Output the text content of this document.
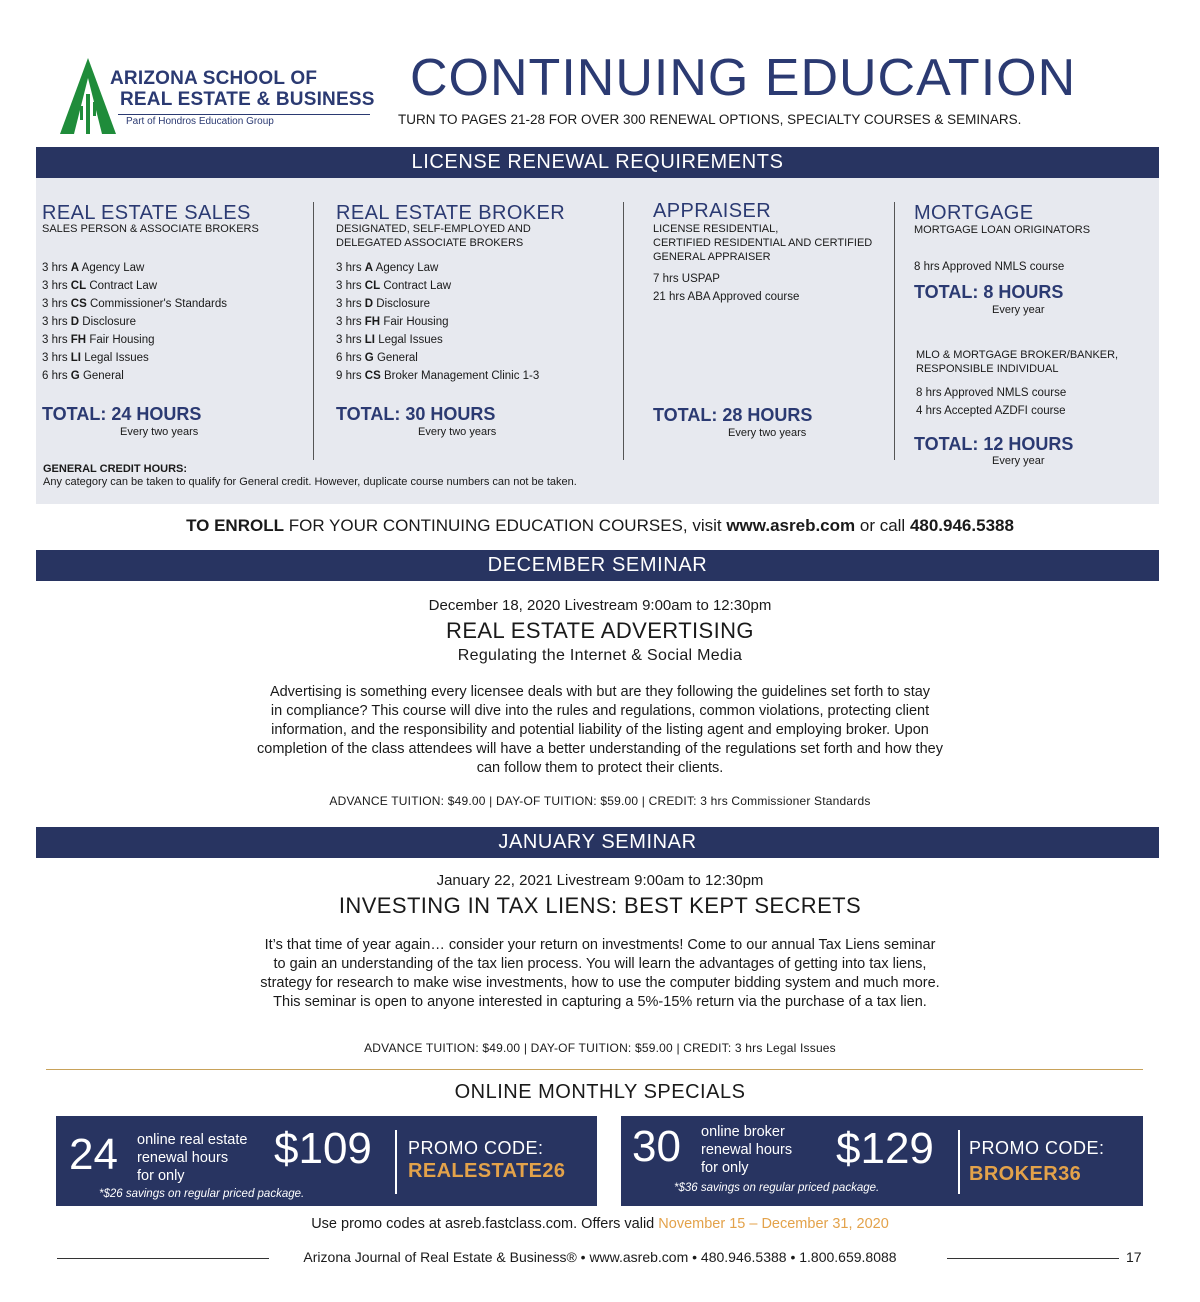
ARIZONA SCHOOL OF
REAL ESTATE & BUSINESS
Part of Hondros Education Group
CONTINUING EDUCATION
TURN TO PAGES 21-28 FOR OVER 300 RENEWAL OPTIONS, SPECIALTY COURSES & SEMINARS.
LICENSE RENEWAL REQUIREMENTS
REAL ESTATE SALES
SALES PERSON & ASSOCIATE BROKERS
3 hrs A Agency Law
3 hrs CL Contract Law
3 hrs CS Commissioner's Standards
3 hrs D Disclosure
3 hrs FH Fair Housing
3 hrs LI Legal Issues
6 hrs G General
TOTAL: 24 HOURS
Every two years
REAL ESTATE BROKER
DESIGNATED, SELF-EMPLOYED AND
DELEGATED ASSOCIATE BROKERS
3 hrs A Agency Law
3 hrs CL Contract Law
3 hrs D Disclosure
3 hrs FH Fair Housing
3 hrs LI Legal Issues
6 hrs G General
9 hrs CS Broker Management Clinic 1-3
TOTAL: 30 HOURS
Every two years
APPRAISER
LICENSE RESIDENTIAL,
CERTIFIED RESIDENTIAL AND CERTIFIED
GENERAL APPRAISER
7 hrs USPAP
21 hrs ABA Approved course
TOTAL: 28 HOURS
Every two years
MORTGAGE
MORTGAGE LOAN ORIGINATORS
8 hrs Approved NMLS course
TOTAL: 8 HOURS
Every year
MLO & MORTGAGE BROKER/BANKER,
RESPONSIBLE INDIVIDUAL
8 hrs Approved NMLS course
4 hrs Accepted AZDFI course
TOTAL: 12 HOURS
Every year
GENERAL CREDIT HOURS:
Any category can be taken to qualify for General credit. However, duplicate course numbers can not be taken.
TO ENROLL FOR YOUR CONTINUING EDUCATION COURSES, visit www.asreb.com or call 480.946.5388
DECEMBER SEMINAR
December 18, 2020 Livestream 9:00am to 12:30pm
REAL ESTATE ADVERTISING
Regulating the Internet & Social Media
Advertising is something every licensee deals with but are they following the guidelines set forth to stay
in compliance? This course will dive into the rules and regulations, common violations, protecting client
information, and the responsibility and potential liability of the listing agent and employing broker. Upon
completion of the class attendees will have a better understanding of the regulations set forth and how they
can follow them to protect their clients.
ADVANCE TUITION: $49.00 | DAY-OF TUITION: $59.00 | CREDIT: 3 hrs Commissioner Standards
JANUARY SEMINAR
January 22, 2021 Livestream 9:00am to 12:30pm
INVESTING IN TAX LIENS: BEST KEPT SECRETS
It’s that time of year again… consider your return on investments! Come to our annual Tax Liens seminar
to gain an understanding of the tax lien process. You will learn the advantages of getting into tax liens,
strategy for research to make wise investments, how to use the computer bidding system and much more.
This seminar is open to anyone interested in capturing a 5%-15% return via the purchase of a tax lien.
ADVANCE TUITION: $49.00 | DAY-OF TUITION: $59.00 | CREDIT: 3 hrs Legal Issues
ONLINE MONTHLY SPECIALS
24 online real estate
renewal hours
for only
$109 PROMO CODE:
REALESTATE26
*$26 savings on regular priced package.
30 online broker
renewal hours
for only	$129 PROMO CODE:
BROKER36
*$36 savings on regular priced package.
Use promo codes at asreb.fastclass.com. Offers valid November 15 – December 31, 2020
Arizona Journal of Real Estate & Business® • www.asreb.com • 480.946.5388 • 1.800.659.8088	17
